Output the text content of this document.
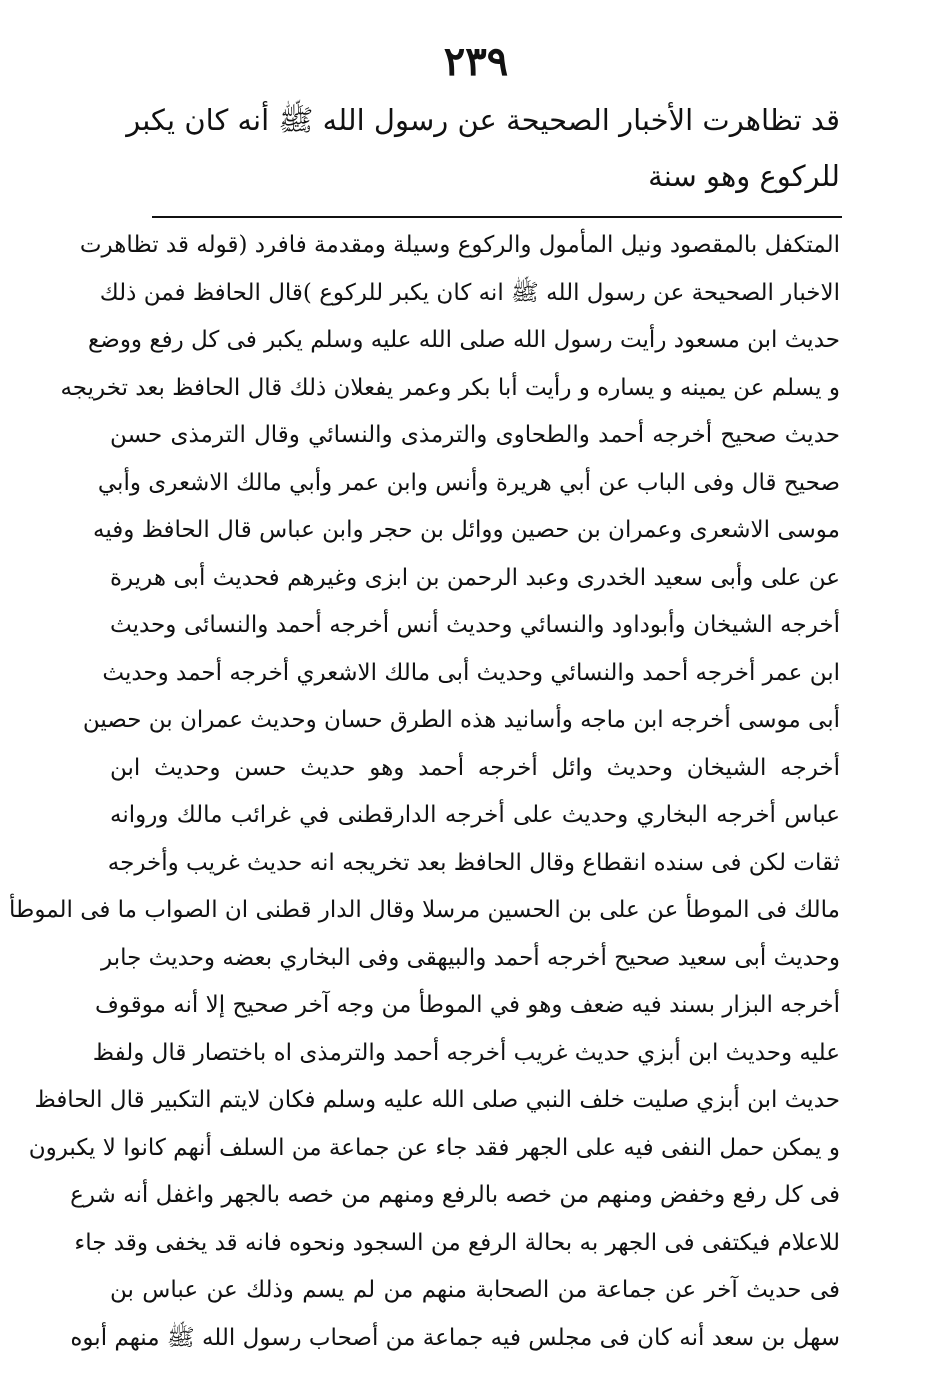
٢٣٩
قد تظاهرت الأخبار الصحيحة عن رسول الله ﷺ أنه كان يكبر
للركوع وهو سنة
المتكفل بالمقصود ونيل المأمول والركوع وسيلة ومقدمة فافرد (قوله قد تظاهرت
الاخبار الصحيحة عن رسول الله ﷺ انه كان يكبر للركوع )قال الحافظ فمن ذلك
حديث ابن مسعود رأيت رسول الله صلى الله عليه وسلم يكبر فى كل رفع ووضع
و يسلم عن يمينه و يساره و رأيت أبا بكر وعمر يفعلان ذلك قال الحافظ بعد تخريجه
حديث صحيح أخرجه أحمد والطحاوى والترمذى والنسائي وقال الترمذى حسن
صحيح قال وفى الباب عن أبي هريرة وأنس وابن عمر وأبي مالك الاشعرى وأبي
موسى الاشعرى وعمران بن حصين ووائل بن حجر وابن عباس قال الحافظ وفيه
عن على وأبى سعيد الخدرى وعبد الرحمن بن ابزى وغيرهم فحديث أبى هريرة
أخرجه الشيخان وأبوداود والنسائي وحديث أنس أخرجه أحمد والنسائى وحديث
ابن عمر أخرجه أحمد والنسائي وحديث أبى مالك الاشعري أخرجه أحمد وحديث
أبى موسى أخرجه ابن ماجه وأسانيد هذه الطرق حسان وحديث عمران بن حصين
أخرجه الشيخان وحديث وائل أخرجه أحمد وهو حديث حسن وحديث ابن
عباس أخرجه البخاري وحديث على أخرجه الدارقطنى في غرائب مالك وروانه
ثقات لكن فى سنده انقطاع وقال الحافظ بعد تخريجه انه حديث غريب وأخرجه
مالك فى الموطأ عن على بن الحسين مرسلا وقال الدار قطنى ان الصواب ما فى الموطأ
وحديث أبى سعيد صحيح أخرجه أحمد والبيهقى وفى البخاري بعضه وحديث جابر
أخرجه البزار بسند فيه ضعف وهو في الموطأ من وجه آخر صحيح إلا أنه موقوف
عليه وحديث ابن أبزي حديث غريب أخرجه أحمد والترمذى اه باختصار قال ولفظ
حديث ابن أبزي صليت خلف النبي صلى الله عليه وسلم فكان لايتم التكبير قال الحافظ
و يمكن حمل النفى فيه على الجهر فقد جاء عن جماعة من السلف أنهم كانوا لا يكبرون
فى كل رفع وخفض ومنهم من خصه بالرفع ومنهم من خصه بالجهر واغفل أنه شرع
للاعلام فيكتفى فى الجهر به بحالة الرفع من السجود ونحوه فانه قد يخفى وقد جاء
فى حديث آخر عن جماعة من الصحابة منهم من لم يسم وذلك عن عباس بن
سهل بن سعد أنه كان فى مجلس فيه جماعة من أصحاب رسول الله ﷺ منهم أبوه
